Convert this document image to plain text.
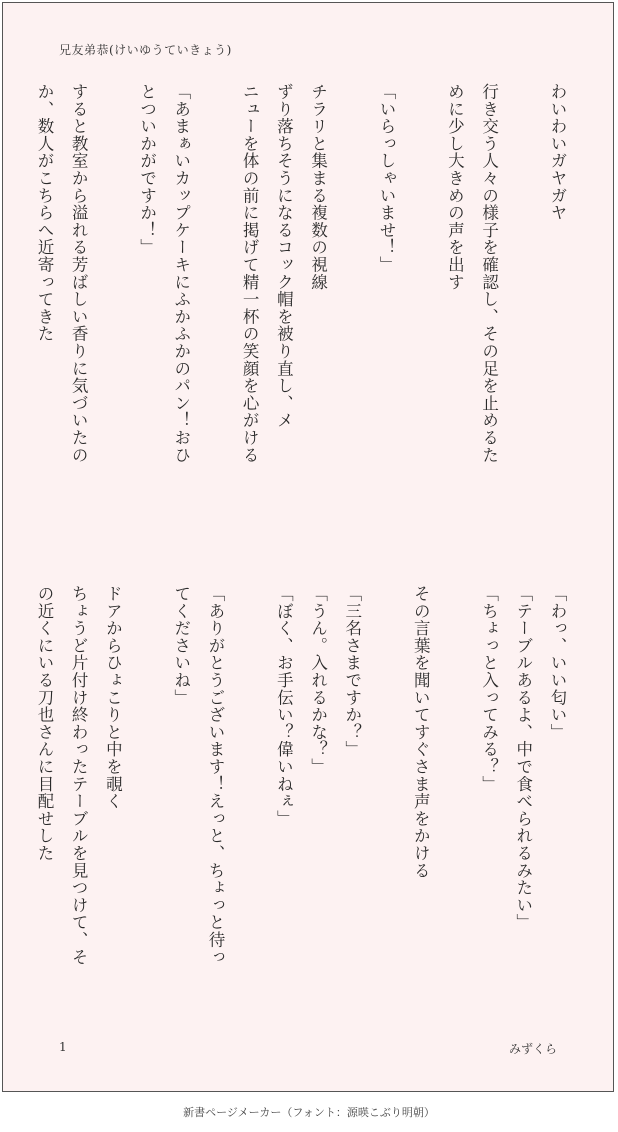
兄友弟恭(けいゆうていきょう)
わいわいガヤガヤ

行き交う人々の様子を確認し、その足を止めるた
めに少し大きめの声を出す

「いらっしゃいませ！」

チラリと集まる複数の視線
ずり落ちそうになるコック帽を被り直し、メ
ニューを体の前に掲げて精一杯の笑顔を心がける

「あまぁいカップケーキにふかふかのパン！おひ
とついかがですか！」

すると教室から溢れる芳ばしい香りに気づいたの
か、数人がこちらへ近寄ってきた
「わっ、いい匂い」
「テーブルあるよ、中で食べられるみたい」
「ちょっと入ってみる？」

その言葉を聞いてすぐさま声をかける

「三名さまですか？」
「うん。入れるかな？」
「ぼく、お手伝い？偉いねぇ」

「ありがとうございます！えっと、ちょっと待っ
てくださいね」

ドアからひょこりと中を覗く
ちょうど片付け終わったテーブルを見つけて、そ
の近くにいる刀也さんに目配せした
1	みずくら
新書ページメーカー（フォント：源暎こぶり明朝）
